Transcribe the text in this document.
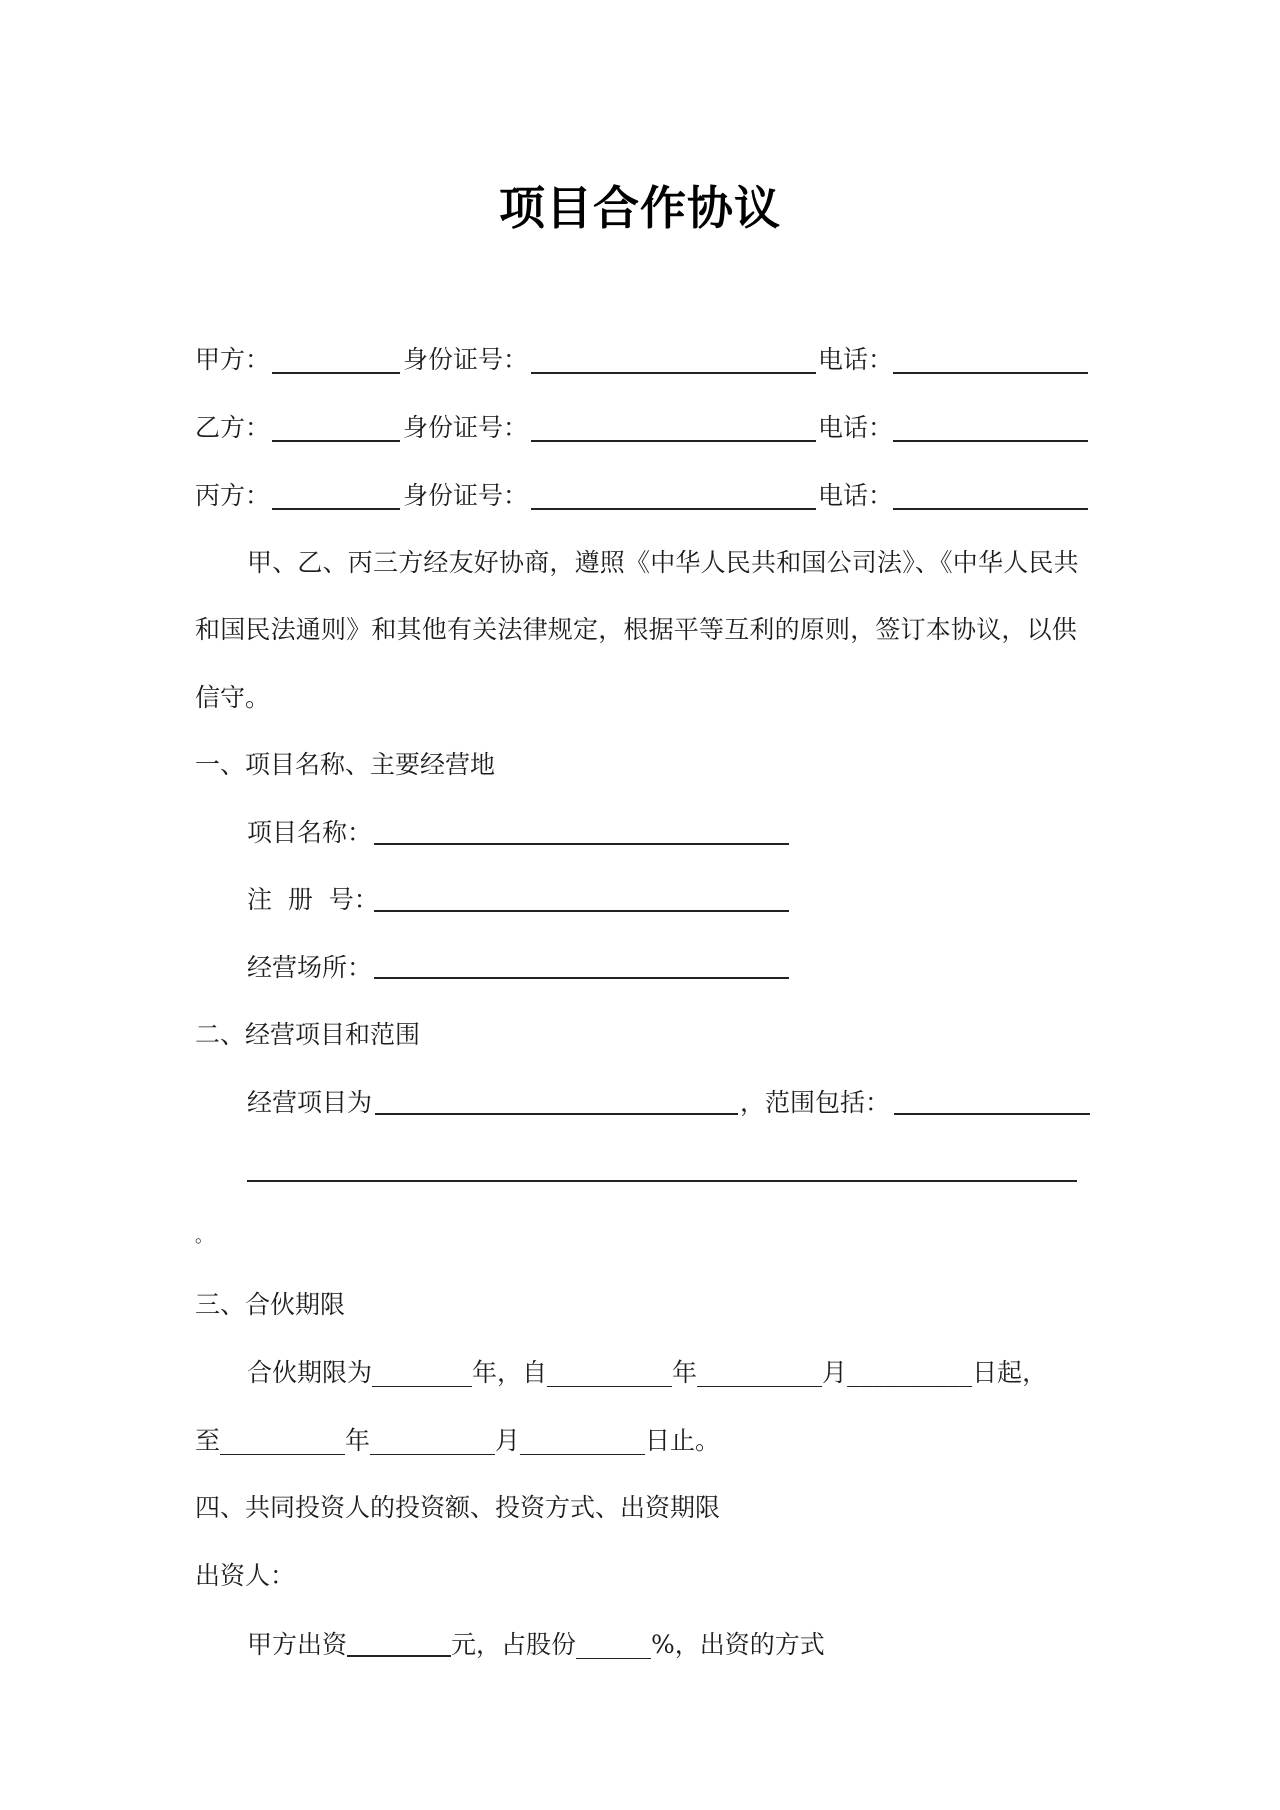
项目合作协议
甲方：	身份证号：	电话：
乙方：	身份证号：	电话：
丙方：	身份证号：	电话：
甲、乙、丙三方经友好协商，遵照《中华人民共和国公司法》、《中华人民共
和国民法通则》和其他有关法律规定，根据平等互利的原则，签订本协议，以供
信守。
一、项目名称、主要经营地
项目名称：
注  册  号：
经营场所：
二、经营项目和范围
经营项目为	，范围包括：
。
三、合伙期限
合伙期限为________年，自__________年__________月__________日起，
至__________年__________月__________日止。
四、共同投资人的投资额、投资方式、出资期限
出资人：
甲方出资	元，占股份______%，出资的方式
